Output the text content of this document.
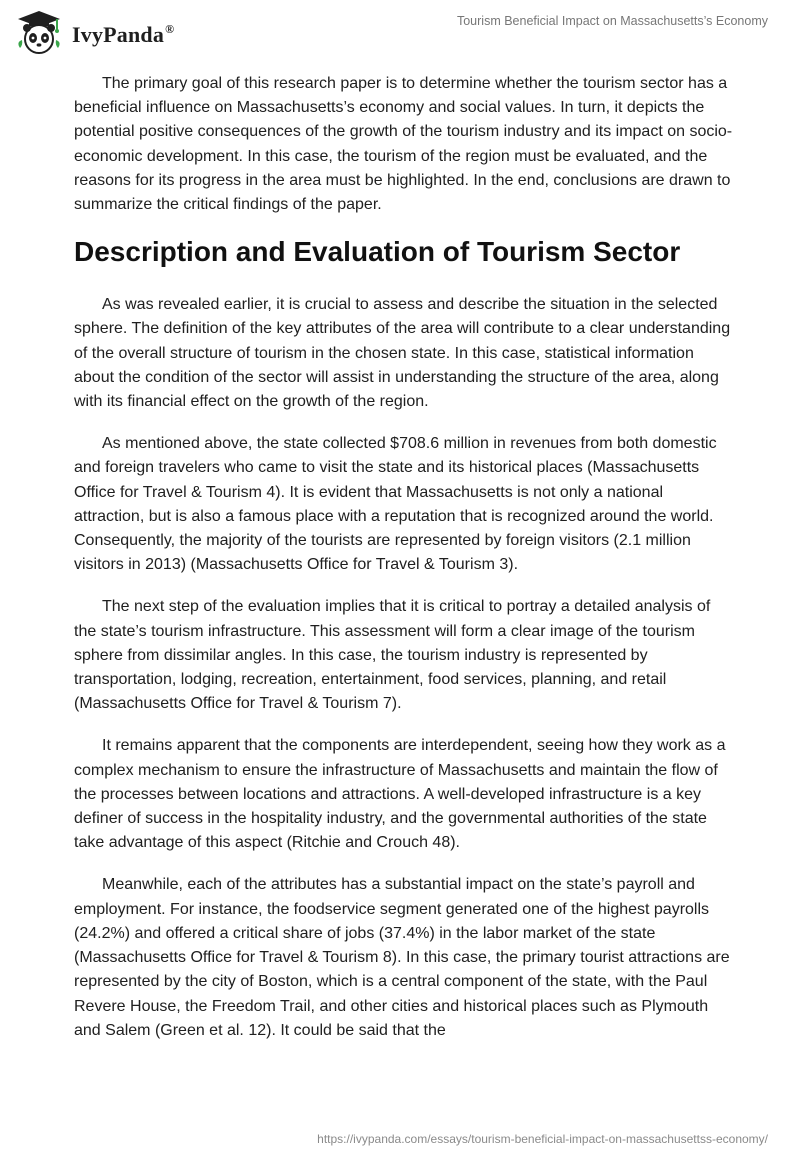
IvyPanda®
Tourism Beneficial Impact on Massachusetts’s Economy

The primary goal of this research paper is to determine whether the tourism sector has a beneficial influence on Massachusetts’s economy and social values. In turn, it depicts the potential positive consequences of the growth of the tourism industry and its impact on socio-economic development. In this case, the tourism of the region must be evaluated, and the reasons for its progress in the area must be highlighted. In the end, conclusions are drawn to summarize the critical findings of the paper.

Description and Evaluation of Tourism Sector

As was revealed earlier, it is crucial to assess and describe the situation in the selected sphere. The definition of the key attributes of the area will contribute to a clear understanding of the overall structure of tourism in the chosen state. In this case, statistical information about the condition of the sector will assist in understanding the structure of the area, along with its financial effect on the growth of the region.

As mentioned above, the state collected $708.6 million in revenues from both domestic and foreign travelers who came to visit the state and its historical places (Massachusetts Office for Travel & Tourism 4). It is evident that Massachusetts is not only a national attraction, but is also a famous place with a reputation that is recognized around the world. Consequently, the majority of the tourists are represented by foreign visitors (2.1 million visitors in 2013) (Massachusetts Office for Travel & Tourism 3).

The next step of the evaluation implies that it is critical to portray a detailed analysis of the state’s tourism infrastructure. This assessment will form a clear image of the tourism sphere from dissimilar angles. In this case, the tourism industry is represented by transportation, lodging, recreation, entertainment, food services, planning, and retail (Massachusetts Office for Travel & Tourism 7).

It remains apparent that the components are interdependent, seeing how they work as a complex mechanism to ensure the infrastructure of Massachusetts and maintain the flow of the processes between locations and attractions. A well-developed infrastructure is a key definer of success in the hospitality industry, and the governmental authorities of the state take advantage of this aspect (Ritchie and Crouch 48).

Meanwhile, each of the attributes has a substantial impact on the state’s payroll and employment. For instance, the foodservice segment generated one of the highest payrolls (24.2%) and offered a critical share of jobs (37.4%) in the labor market of the state (Massachusetts Office for Travel & Tourism 8). In this case, the primary tourist attractions are represented by the city of Boston, which is a central component of the state, with the Paul Revere House, the Freedom Trail, and other cities and historical places such as Plymouth and Salem (Green et al. 12). It could be said that the

https://ivypanda.com/essays/tourism-beneficial-impact-on-massachusettss-economy/
